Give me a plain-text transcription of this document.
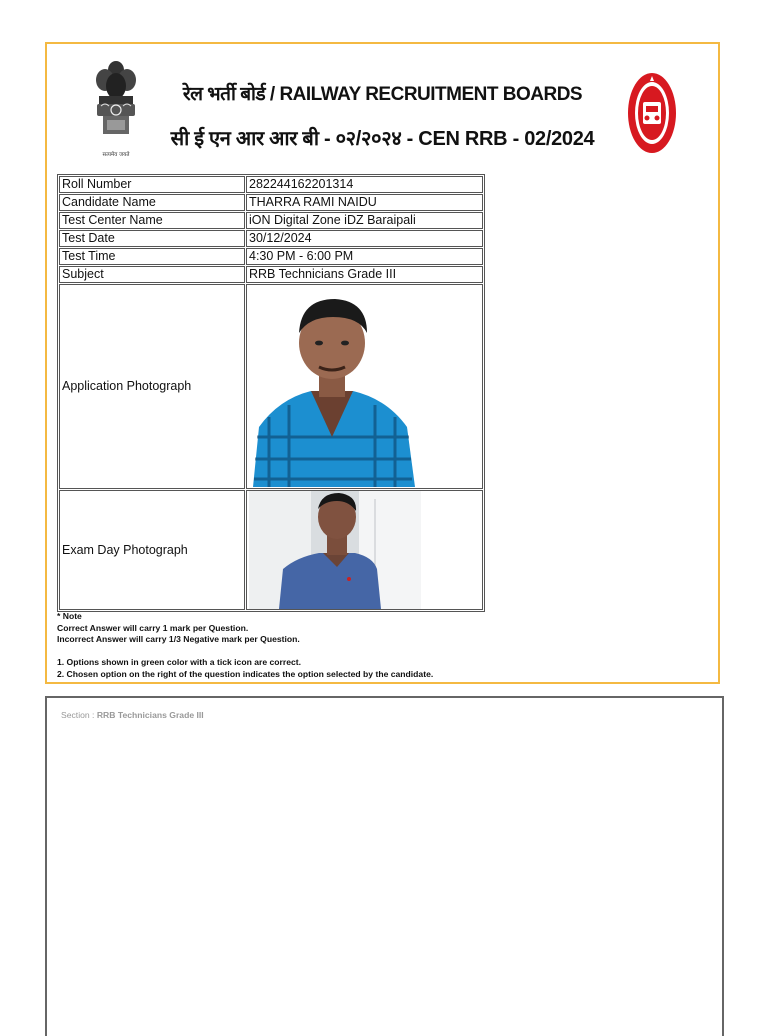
सत्यमेव जयते
रेल भर्ती बोर्ड / RAILWAY RECRUITMENT BOARDS
सी ई एन आर आर बी - ०२/२०२४ - CEN RRB - 02/2024
Roll Number	282244162201314
Candidate Name	THARRA RAMI NAIDU
Test Center Name	iON Digital Zone iDZ Baraipali
Test Date	30/12/2024
Test Time	4:30 PM - 6:00 PM
Subject	RRB Technicians Grade III
Application Photograph	

Exam Day Photograph	
* Note
Correct Answer will carry 1 mark per Question.
Incorrect Answer will carry 1/3 Negative mark per Question.
1. Options shown in green color with a tick icon are correct.
2. Chosen option on the right of the question indicates the option selected by the candidate.
Section : RRB Technicians Grade III
